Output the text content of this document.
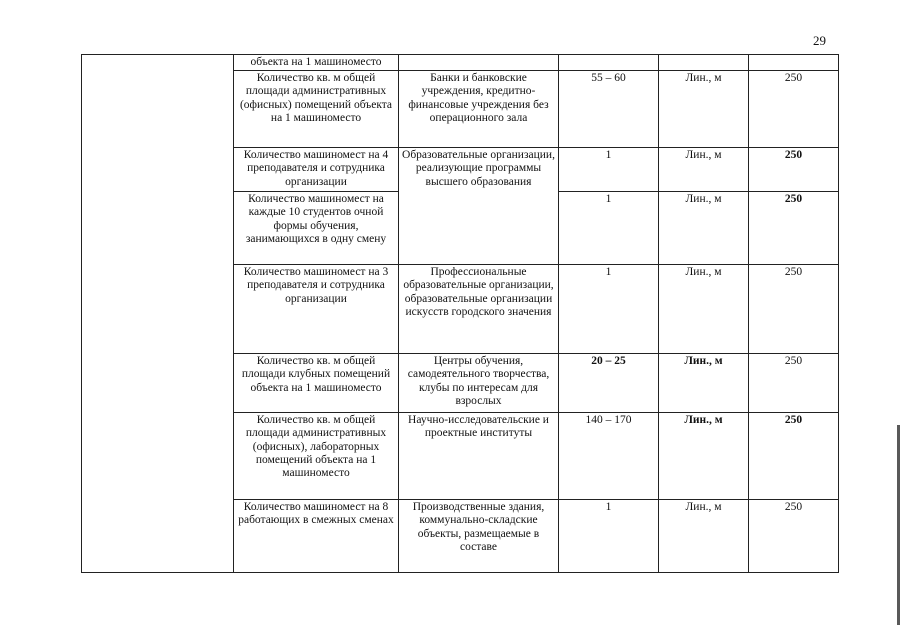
29
	объекта на 1 машиноместо				
	Количество кв. м общей площади административных (офисных) помещений объекта на 1 машиноместо	Банки и банковские учреждения, кредитно-финансовые учреждения без операционного зала	55 – 60	Лин., м	250
	Количество машиномест на 4 преподавателя и сотрудника организации	Образовательные организации, реализующие программы высшего образования	1	Лин., м	250
	Количество машиномест на каждые 10 студентов очной формы обучения, занимающихся в одну смену		1	Лин., м	250
	Количество машиномест на 3 преподавателя и сотрудника организации	Профессиональные образовательные организации, образовательные организации искусств городского значения	1	Лин., м	250
	Количество кв. м общей площади клубных помещений объекта на 1 машиноместо	Центры обучения, самодеятельного творчества, клубы по интересам для взрослых	20 – 25	Лин., м	250
	Количество кв. м общей площади административных (офисных), лабораторных помещений объекта на 1 машиноместо	Научно-исследовательские и проектные институты	140 – 170	Лин., м	250
	Количество машиномест на 8 работающих в смежных сменах	Производственные здания, коммунально-складские объекты, размещаемые в составе	1	Лин., м	250
